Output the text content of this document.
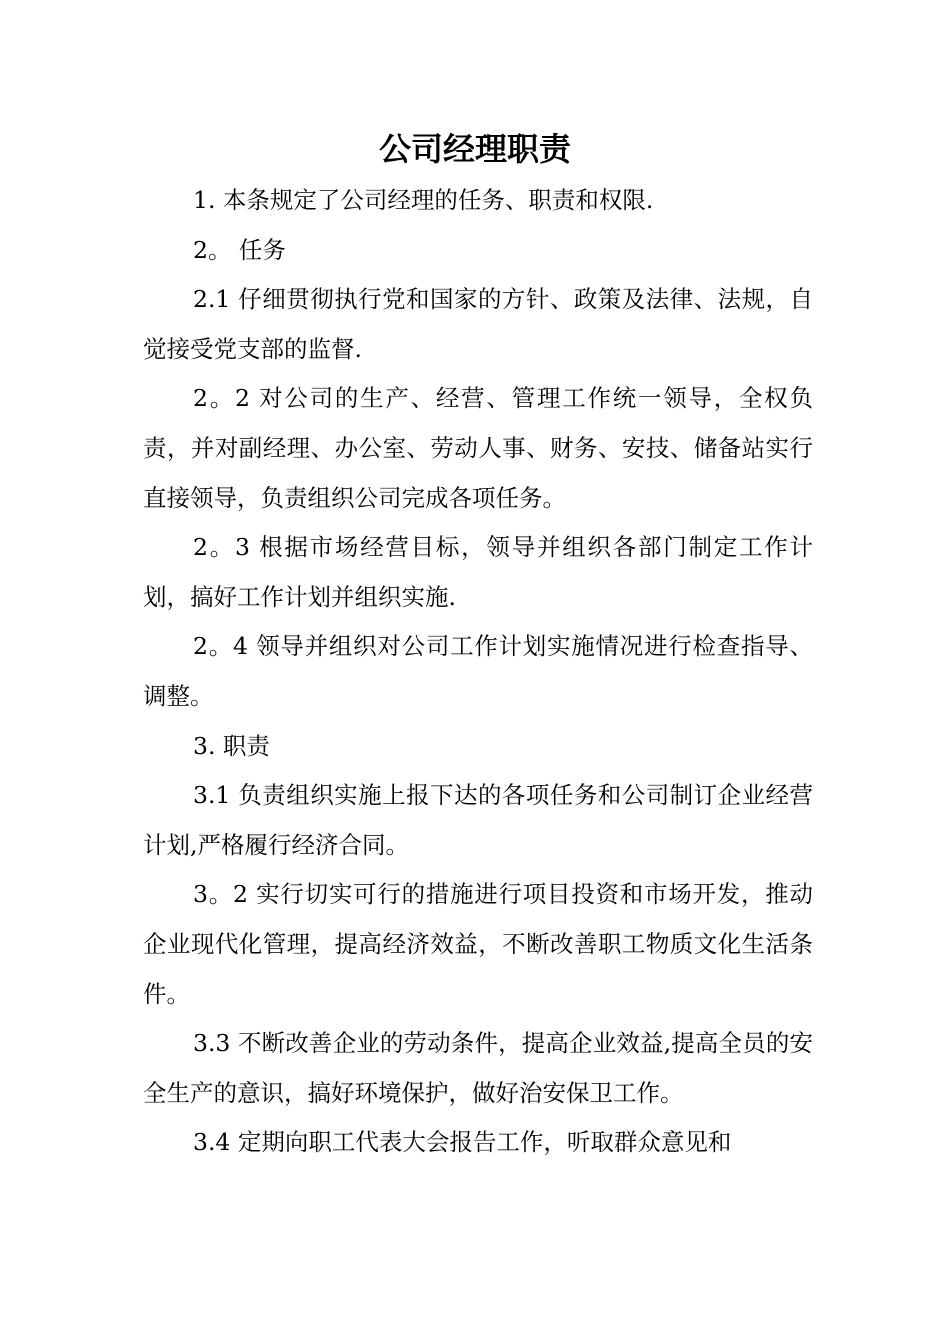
公司经理职责

1. 本条规定了公司经理的任务、职责和权限.

2。 任务

2.1 仔细贯彻执行党和国家的方针、政策及法律、法规，自觉接受党支部的监督.

2。2 对公司的生产、经营、管理工作统一领导，全权负责，并对副经理、办公室、劳动人事、财务、安技、储备站实行直接领导，负责组织公司完成各项任务。

2。3 根据市场经营目标，领导并组织各部门制定工作计划，搞好工作计划并组织实施.

2。4 领导并组织对公司工作计划实施情况进行检查指导、调整。

3. 职责

3.1 负责组织实施上报下达的各项任务和公司制订企业经营计划,严格履行经济合同。

3。2 实行切实可行的措施进行项目投资和市场开发，推动企业现代化管理，提高经济效益，不断改善职工物质文化生活条件。

3.3 不断改善企业的劳动条件，提高企业效益,提高全员的安全生产的意识，搞好环境保护，做好治安保卫工作。

3.4 定期向职工代表大会报告工作，听取群众意见和
